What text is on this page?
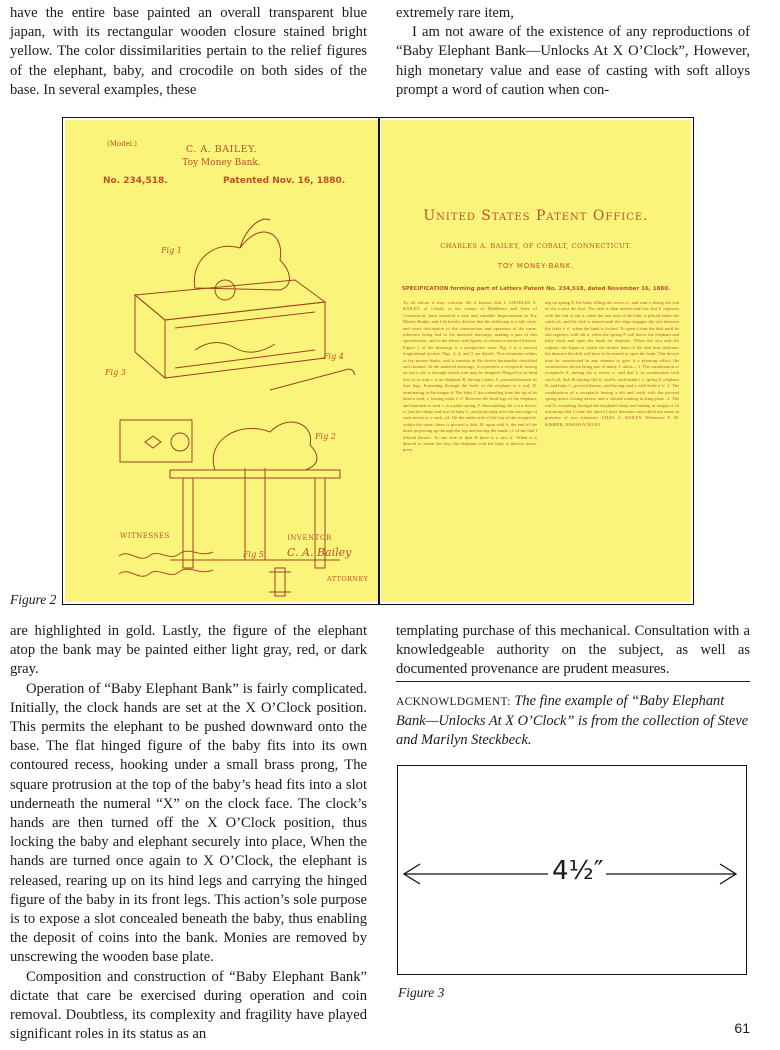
have the entire base painted an overall transparent blue japan, with its rectangular wooden closure stained bright yellow. The color dissimilarities pertain to the relief figures of the elephant, baby, and crocodile on both sides of the base. In several examples, these

extremely rare item,

I am not aware of the existence of any reproductions of “Baby Elephant Bank—Unlocks At X O’Clock”, However, high monetary value and ease of casting with soft alloys prompt a word of caution when con-

(Model.)	C. A. BAILEY.
Toy Money Bank.
No. 234,518.	Patented Nov. 16, 1880.
Fig 1
Fig 3
Fig 4
Fig 2
Fig 5
WITNESSES	INVENTOR
C. A. Bailey
ATTORNEY
United States Patent Office.
CHARLES A. BAILEY, OF COBALT, CONNECTICUT.
TOY MONEY-BANK.
SPECIFICATION forming part of Letters Patent No. 234,518, dated November 16, 1880.
To all whom it may concern: Be it known that I, CHARLES A. BAILEY, of Cobalt, in the county of Middlesex and State of Connecticut, have invented a new and valuable Improvement in Toy Money-Banks; and I do hereby declare that the following is a full, clear, and exact description of the construction and operation of the same, reference being had to the annexed drawings, making a part of this specification, and to the letters and figures of reference marked thereon. Figure 1 of the drawings is a perspective view. Fig. 2 is a vertical longitudinal section. Figs. 3, 4, and 5 are details. This invention relates to toy money-banks; and it consists in the device hereinafter described and claimed. In the annexed drawings, A represents a receptacle having on top a slit, a, through which coin may be dropped. Hinged by its hind feet, b, to stud c, is an elephant, B, having a baby, C, pivoted between its fore legs. Extending through the body of the elephant is a rod, D, terminating in the tongue d. The baby C has extending from the tip of its head a stud, e, having forks e' e'. Between the hind legs of the elephant, and fastened to stud c, is a plate-spring, F. Surrounding slit a is a recess, a', just the shape and size of baby C, and projecting over the rear edge of such recess is a catch, a2. On the under side of the top of the receptacle, within the same, there is pivoted a disk, H, upon stud h, the end of the latter projecting up through the top and having the hands i i' of the dial I affixed thereto. To one side of disk H there is a slot, h'. When it is desired to fasten the box, the elephant with the baby is thrown down, press
ing on spring F, the baby filling the recess a', and stud e sitting the end of slit a next the dial. The disk is then turned until the slot h' registers with the end of slit a, when the rear end of the baby is placed under the catch a2, and the disk is turned until the edge engages the slot between the forks e' e', when the bank is locked. To open it turn the disk until its slot registers with slit a, when the spring F will throw the elephant and baby back and open the bank for deposits. When the slot and slit register, the figure at which the shorter hand of the dial rests indicates the distance the disk will have to be turned to open the bank. This device may be constructed in any manner to give it a pleasing effect, the construction shown being one of many. I claim— 1. The combination of receptacle A, having slit a, recess a', and dial I, in combination with catch a2, disk H, having slot h', stud h, with hands i i', spring F, elephant B, and baby C, pivoted thereto, and having stud e with forks e' e'. 2. The combination of a receptacle having a slit and catch with the pivoted spring-acted closing device and a slotted rotating locking-plate. 3. The rod D, extending through the elephant's body and ending in tongue d. In testimony that I claim the above I have hereunto subscribed my name in presence of two witnesses. CHAS. A. BAILEY. Witnesses: F. M. KIMBER, JOSIAH ACKLEY.
Figure 2

are highlighted in gold. Lastly, the figure of the elephant atop the bank may be painted either light gray, red, or dark gray.

Operation of “Baby Elephant Bank” is fairly complicated. Initially, the clock hands are set at the X O’Clock position. This permits the elephant to be pushed downward onto the base. The flat hinged figure of the baby fits into its own contoured recess, hooking under a small brass prong, The square protrusion at the top of the baby’s head fits into a slot underneath the numeral “X” on the clock face. The clock’s hands are then turned off the X O’Clock position, thus locking the baby and elephant securely into place, When the hands are turned once again to X O’Clock, the elephant is released, rearing up on its hind legs and carrying the hinged figure of the baby in its front legs. This action’s sole purpose is to expose a slot concealed beneath the baby, thus enabling the deposit of coins into the bank. Monies are removed by unscrewing the wooden base plate.

Composition and construction of “Baby Elephant Bank” dictate that care be exercised during operation and coin removal. Doubtless, its complexity and fragility have played significant roles in its status as an

templating purchase of this mechanical. Consultation with a knowledgeable authority on the subject, as well as documented provenance are prudent measures.

ACKNOWLDGMENT: The fine example of “Baby Elephant Bank—Unlocks At X O’Clock” is from the collection of Steve and Marilyn Steckbeck.
4½″
Figure 3
61
